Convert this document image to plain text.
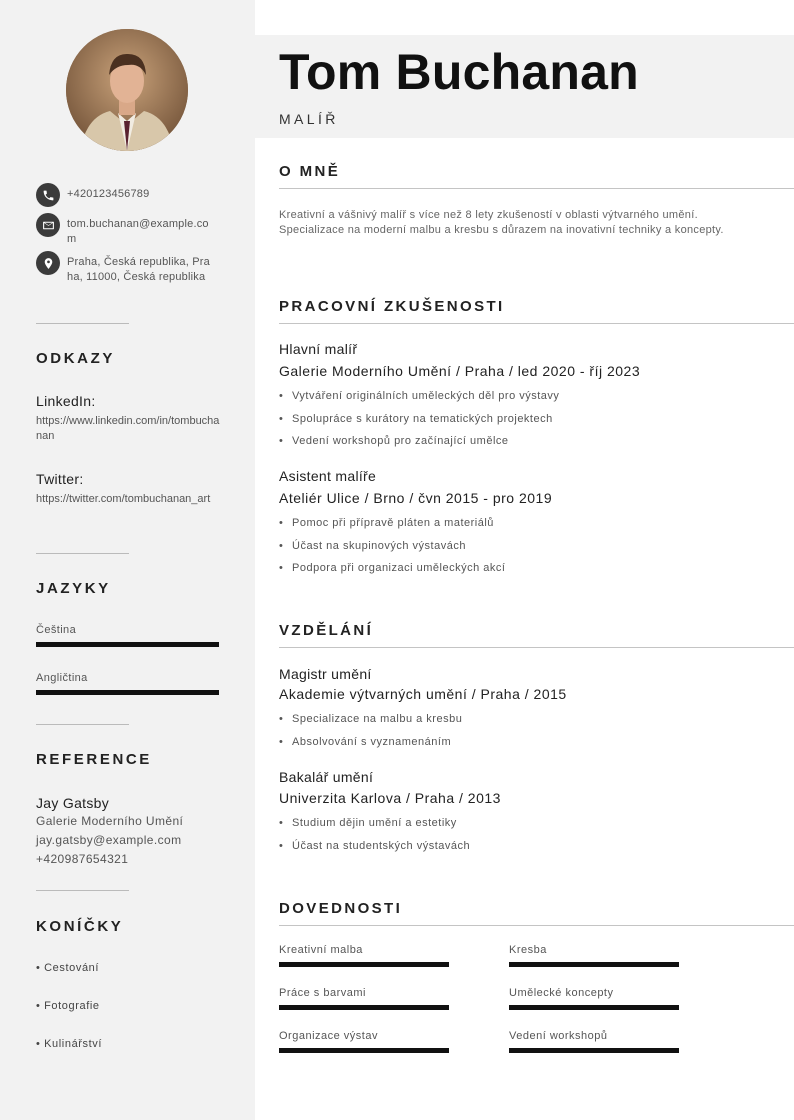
+420123456789
tom.buchanan@example.com
Praha, Česká republika, Praha, 11000, Česká republika
ODKAZY
LinkedIn:
https://www.linkedin.com/in/tombuchanan
Twitter:
https://twitter.com/tombuchanan_art
JAZYKY
Čeština
Angličtina
REFERENCE
Jay Gatsby
Galerie Moderního Umění
jay.gatsby@example.com
+420987654321
KONÍČKY
• Cestování
• Fotografie
• Kulinářství
Tom Buchanan
MALÍŘ
O MNĚ
Kreativní a vášnivý malíř s více než 8 lety zkušeností v oblasti výtvarného umění. Specializace na moderní malbu a kresbu s důrazem na inovativní techniky a koncepty.
PRACOVNÍ ZKUŠENOSTI
Hlavní malíř
Galerie Moderního Umění / Praha / led 2020 - říj 2023
• Vytváření originálních uměleckých děl pro výstavy
• Spolupráce s kurátory na tematických projektech
• Vedení workshopů pro začínající umělce
Asistent malíře
Ateliér Ulice / Brno / čvn 2015 - pro 2019
• Pomoc při přípravě pláten a materiálů
• Účast na skupinových výstavách
• Podpora při organizaci uměleckých akcí
VZDĚLÁNÍ
Magistr umění
Akademie výtvarných umění / Praha / 2015
• Specializace na malbu a kresbu
• Absolvování s vyznamenáním
Bakalář umění
Univerzita Karlova / Praha / 2013
• Studium dějin umění a estetiky
• Účast na studentských výstavách
DOVEDNOSTI
Kreativní malba	Kresba
Práce s barvami	Umělecké koncepty
Organizace výstav	Vedení workshopů
